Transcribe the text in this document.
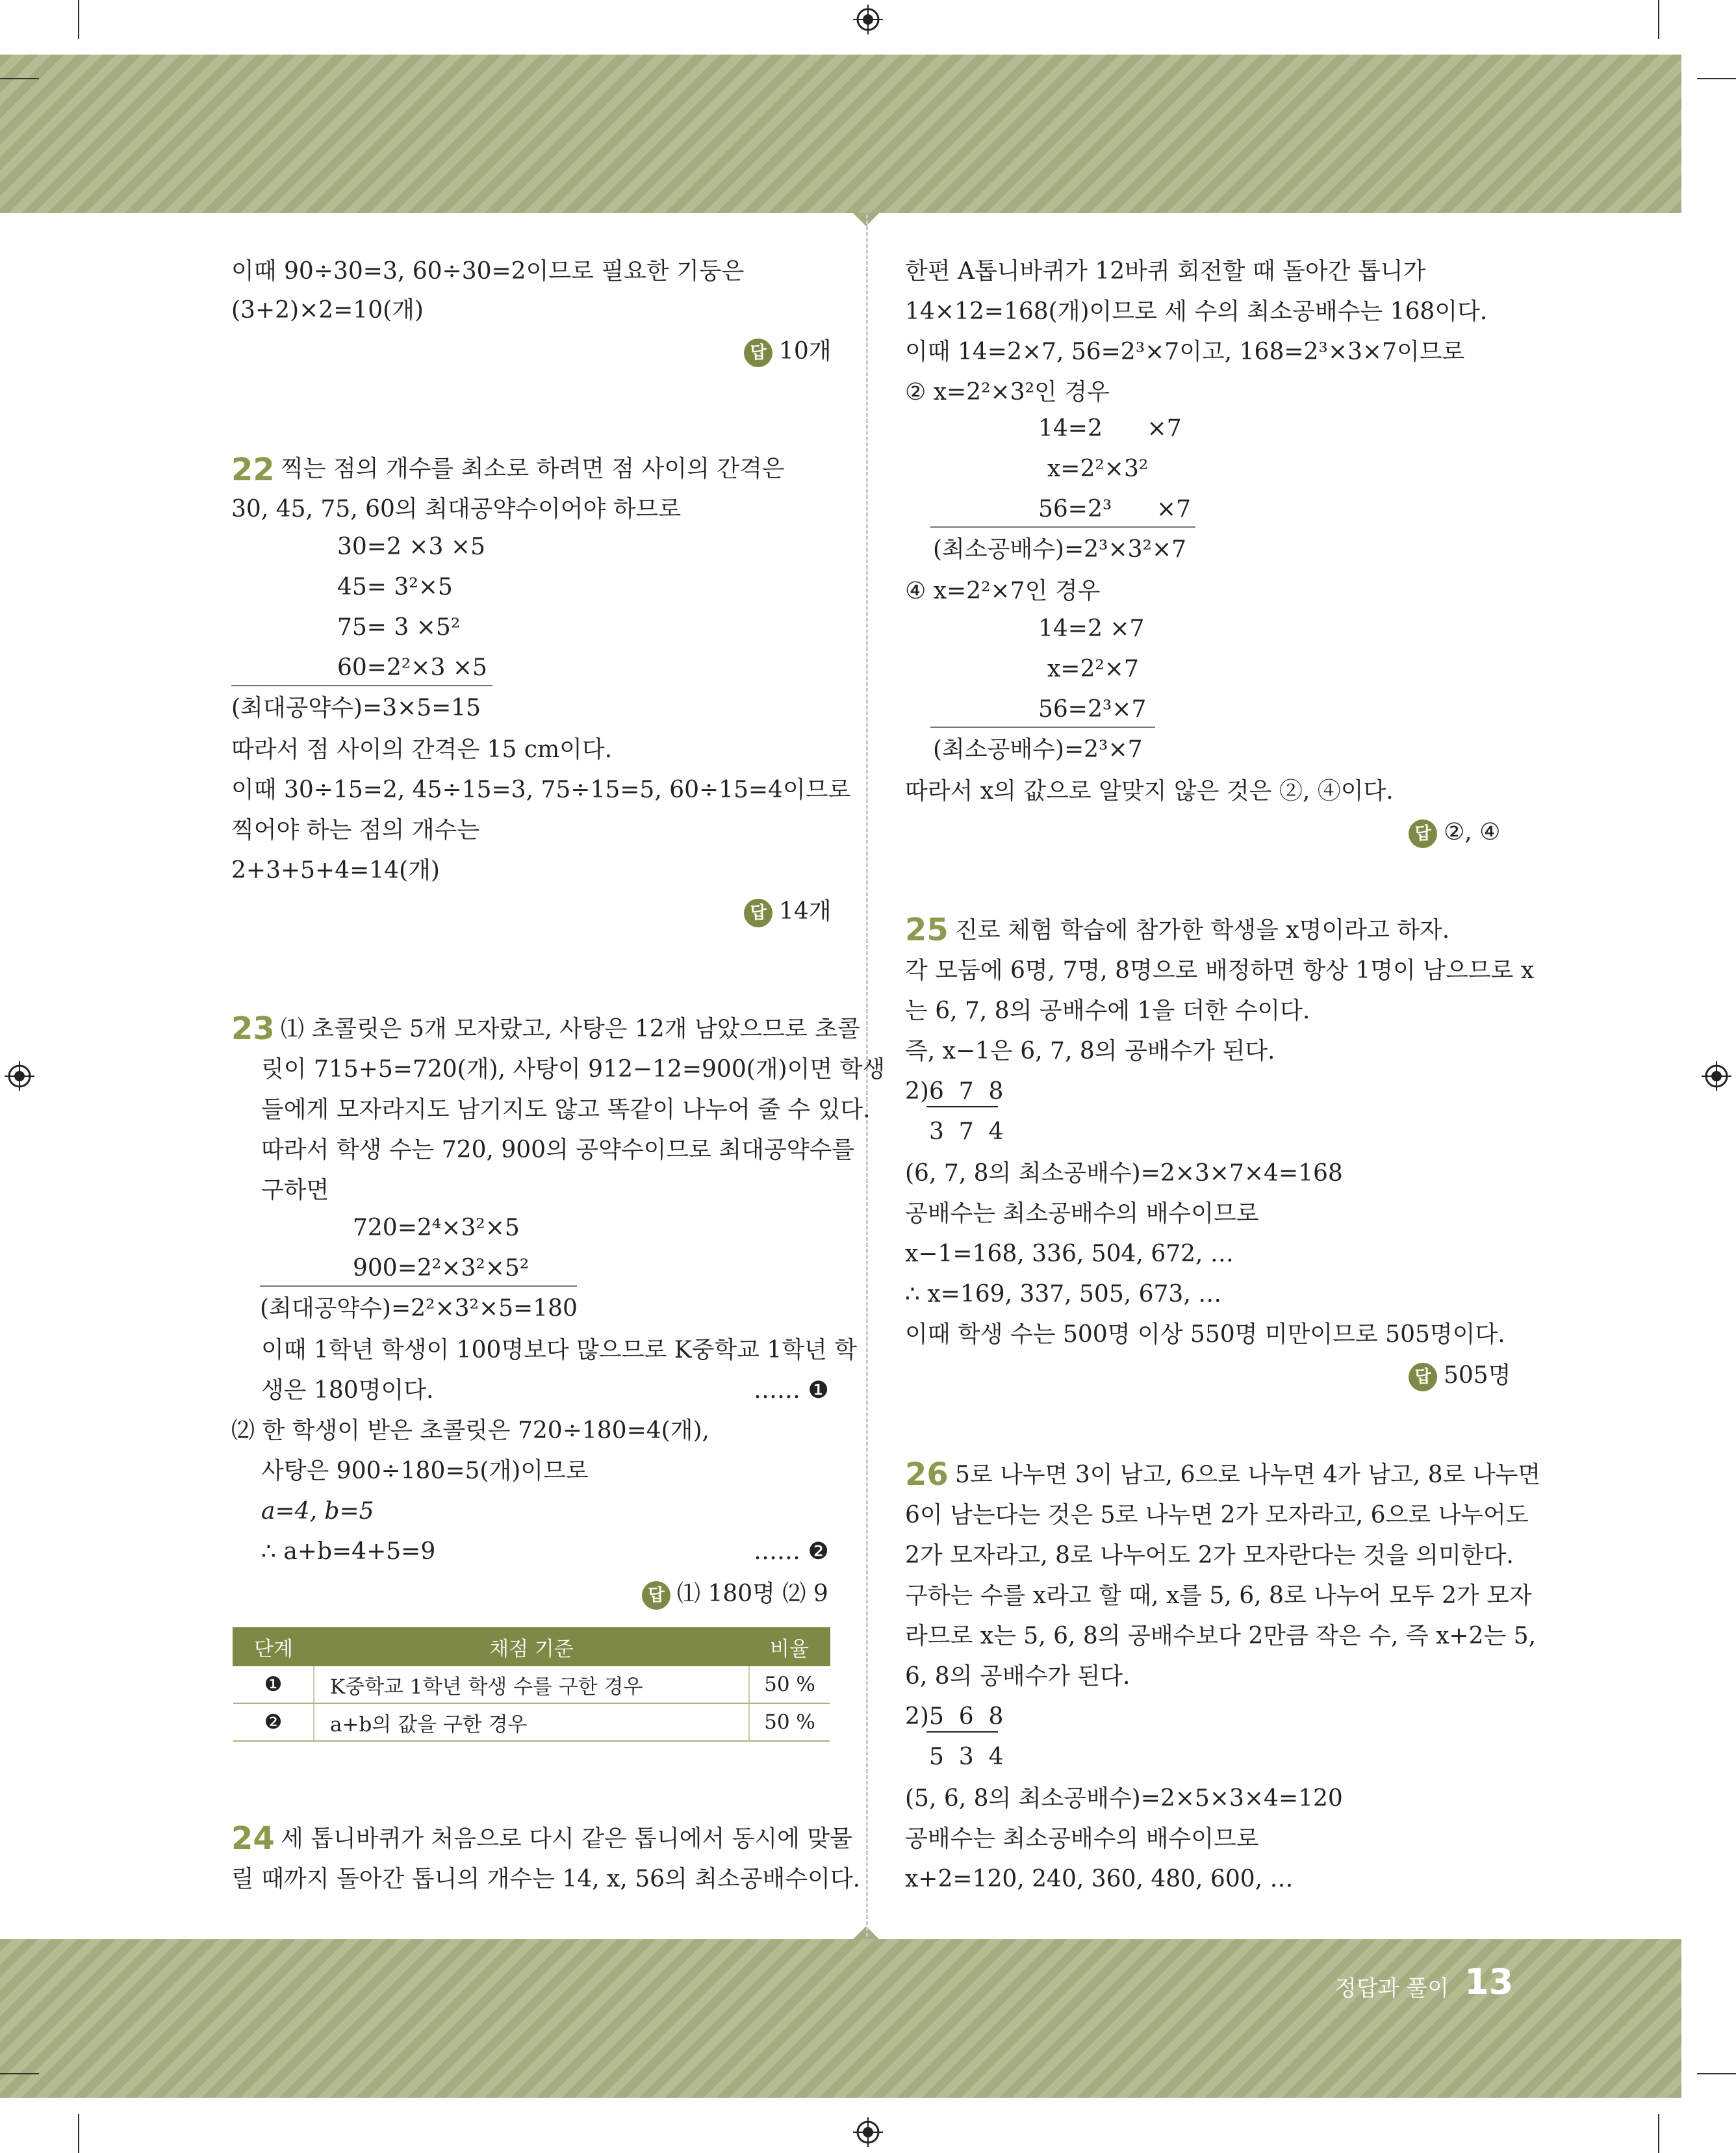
이때 90÷30=3, 60÷30=2이므로 필요한 기둥은
(3+2)×2=10(개)
답 10개
22 찍는 점의 개수를 최소로 하려면 점 사이의 간격은
30, 45, 75, 60의 최대공약수이어야 하므로
30=2 ×3 ×5
45= 3²×5
75= 3 ×5²
60=2²×3 ×5
(최대공약수)=3×5=15
따라서 점 사이의 간격은 15 cm이다.
이때 30÷15=2, 45÷15=3, 75÷15=5, 60÷15=4이므로
찍어야 하는 점의 개수는
2+3+5+4=14(개)
답 14개
23 ⑴ 초콜릿은 5개 모자랐고, 사탕은 12개 남았으므로 초콜
릿이 715+5=720(개), 사탕이 912−12=900(개)이면 학생
들에게 모자라지도 남기지도 않고 똑같이 나누어 줄 수 있다.
따라서 학생 수는 720, 900의 공약수이므로 최대공약수를
구하면
720=2⁴×3²×5
900=2²×3²×5²
(최대공약수)=2²×3²×5=180
이때 1학년 학생이 100명보다 많으므로 K중학교 1학년 학
생은 180명이다.	…… ❶
⑵ 한 학생이 받은 초콜릿은 720÷180=4(개),
사탕은 900÷180=5(개)이므로
a=4, b=5
∴ a+b=4+5=9	…… ❷
답 ⑴ 180명 ⑵ 9
단계	채점 기준	비율
❶	K중학교 1학년 학생 수를 구한 경우	50 %
❷	a+b의 값을 구한 경우	50 %
24 세 톱니바퀴가 처음으로 다시 같은 톱니에서 동시에 맞물
릴 때까지 돌아간 톱니의 개수는 14, x, 56의 최소공배수이다.
한편 A톱니바퀴가 12바퀴 회전할 때 돌아간 톱니가
14×12=168(개)이므로 세 수의 최소공배수는 168이다.
이때 14=2×7, 56=2³×7이고, 168=2³×3×7이므로
② x=2²×3²인 경우
14=2      ×7
x=2²×3²
56=2³      ×7
(최소공배수)=2³×3²×7
④ x=2²×7인 경우
14=2 ×7
x=2²×7
56=2³×7
(최소공배수)=2³×7
따라서 x의 값으로 알맞지 않은 것은 ②, ④이다.
답 ②, ④
25 진로 체험 학습에 참가한 학생을 x명이라고 하자.
각 모둠에 6명, 7명, 8명으로 배정하면 항상 1명이 남으므로 x
는 6, 7, 8의 공배수에 1을 더한 수이다.
즉, x−1은 6, 7, 8의 공배수가 된다.
2)6  7  8
3  7  4
(6, 7, 8의 최소공배수)=2×3×7×4=168
공배수는 최소공배수의 배수이므로
x−1=168, 336, 504, 672, …
∴ x=169, 337, 505, 673, …
이때 학생 수는 500명 이상 550명 미만이므로 505명이다.
답 505명
26 5로 나누면 3이 남고, 6으로 나누면 4가 남고, 8로 나누면
6이 남는다는 것은 5로 나누면 2가 모자라고, 6으로 나누어도
2가 모자라고, 8로 나누어도 2가 모자란다는 것을 의미한다.
구하는 수를 x라고 할 때, x를 5, 6, 8로 나누어 모두 2가 모자
라므로 x는 5, 6, 8의 공배수보다 2만큼 작은 수, 즉 x+2는 5,
6, 8의 공배수가 된다.
2)5  6  8
5  3  4
(5, 6, 8의 최소공배수)=2×5×3×4=120
공배수는 최소공배수의 배수이므로
x+2=120, 240, 360, 480, 600, …
정답과 풀이 13
